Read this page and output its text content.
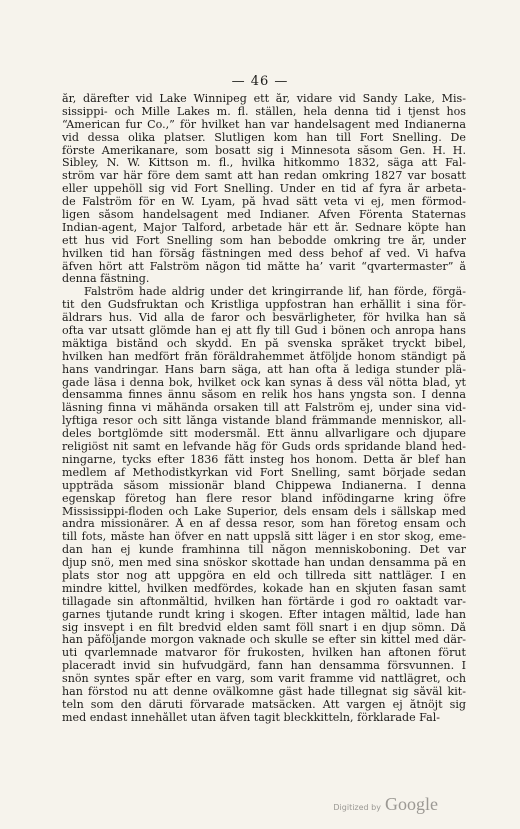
— 46 —
år, därefter vid Lake Winnipeg ett år, vidare vid Sandy Lake, Mis-
sissippi- och Mille Lakes m. fl. ställen, hela denna tid i tjenst hos
“American fur Co.,” för hvilket han var handelsagent med Indianerna
vid dessa olika platser. Slutligen kom han till Fort Snelling. De
förste Amerikanare, som bosatt sig i Minnesota såsom Gen. H. H.
Sibley, N. W. Kittson m. fl., hvilka hitkommo 1832, säga att Fal-
ström var här före dem samt att han redan omkring 1827 var bosatt
eller uppehöll sig vid Fort Snelling. Under en tid af fyra år arbeta-
de Falström för en W. Lyam, på hvad sätt veta vi ej, men förmod-
ligen såsom handelsagent med Indianer. Äfven Förenta Staternas
Indian-agent, Major Talford, arbetade här ett år. Sednare köpte han
ett hus vid Fort Snelling som han bebodde omkring tre år, under
hvilken tid han försåg fästningen med dess behof af ved. Vi hafva
äfven hört att Falström någon tid måtte ha’ varit “qvartermaster” å
denna fästning.
Falström hade aldrig under det kringirrande lif, han förde, förgä-
tit den Gudsfruktan och Kristliga uppfostran han erhållit i sina för-
äldrars hus. Vid alla de faror och besvärligheter, för hvilka han så
ofta var utsatt glömde han ej att fly till Gud i bönen och anropa hans
mäktiga bistånd och skydd. En på svenska språket tryckt bibel,
hvilken han medfört från föräldrahemmet åtföljde honom ständigt på
hans vandringar. Hans barn säga, att han ofta å ledigа stunder plä-
gade läsa i denna bok, hvilket ock kan synas å dess väl nötta blad, yt
densamma finnes ännu såsom en relik hos hans yngsta son. I denna
läsning finna vi måhända orsaken till att Falström ej, under sina vid-
lyftiga resor och sitt långa vistande bland främmande menniskor, all-
deles bortglömde sitt modersmål. Ett ännu allvarligare och djupare
religiöst nit samt en lefvande håg för Guds ords spridande bland hed-
ningarne, tycks efter 1836 fått insteg hos honom. Detta år blef han
medlem af Methodistkyrkan vid Fort Snelling, samt började sedan
uppträda såsom missionär bland Chippewa Indianerna. I denna
egenskap företog han flere resor bland infödingarne kring öfre
Mississippi-floden och Lake Superior, dels ensam dels i sällskap med
andra missionärer. Å en af dessa resor, som han företog ensam och
till fots, måste han öfver en natt uppslå sitt läger i en stor skog, eme-
dan han ej kunde framhinna till någon menniskoboning. Det var
djup snö, men med sina snöskor skottade han undan densamma på en
plats stor nog att uppgöra en eld och tillreda sitt nattläger. I en
mindre kittel, hvilken medfördes, kokade han en skjuten fasan samt
tillagade sin aftonmåltid, hvilken han förtärde i god ro oaktadt var-
garnes tjutande rundt kring i skogen. Efter intagen måltid, lade han
sig insvept i en filt bredvid elden samt föll snart i en djup sömn. Då
han påföljande morgon vaknade och skulle se efter sin kittel med där-
uti qvarlemnade matvaror för frukosten, hvilken han aftonen förut
placeradt invid sin hufvudgärd, fann han densamma försvunnen. I
snön syntes spår efter en varg, som varit framme vid nattlägret, och
han förstod nu att denne ovälkomne gäst hade tillegnat sig såväl kit-
teln som den däruti förvarade matsäcken. Att vargen ej åtnöjt sig
med endast innehållet utan äfven tagit bleckkitteln, förklarade Fal-
Digitized by Google
